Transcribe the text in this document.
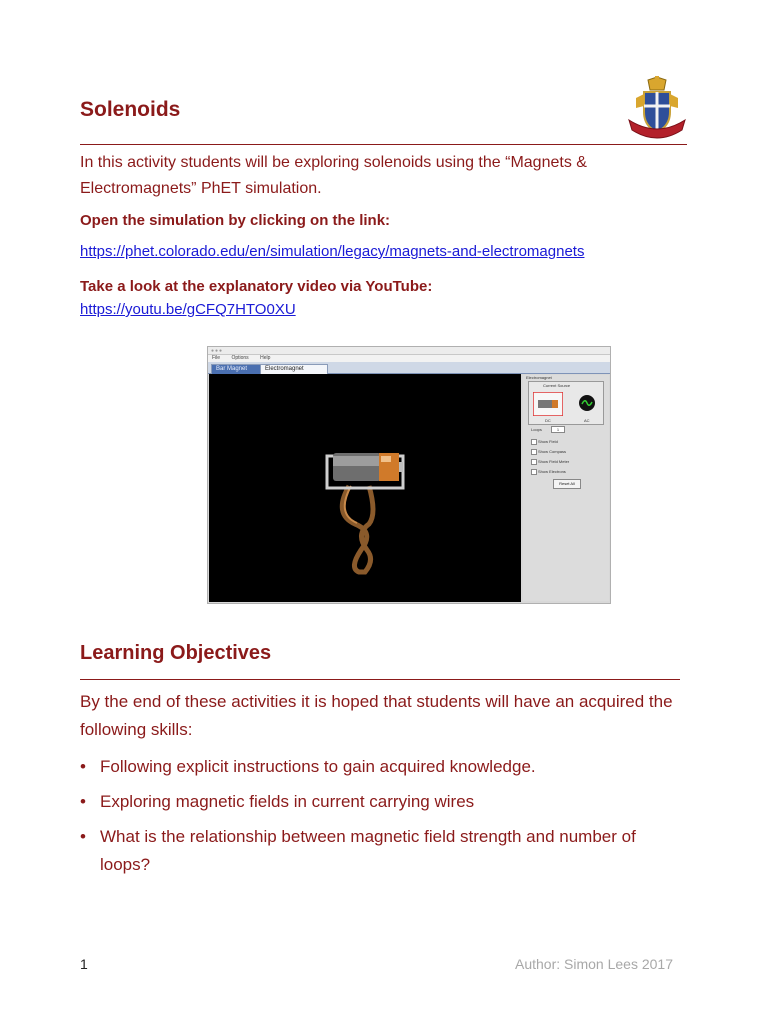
Solenoids
In this activity students will be exploring solenoids using the “Magnets & Electromagnets” PhET simulation.
Open the simulation by clicking on the link:
https://phet.colorado.edu/en/simulation/legacy/magnets-and-electromagnets
Take a look at the explanatory video via YouTube:
https://youtu.be/gCFQ7HTO0XU
●●●
File Options Help
Bar Magnet	Electromagnet
Electromagnet
Current Source
DC	AC
Loops	1
Show Field
Show Compass
Show Field Meter
Show Electrons
Reset All
Learning Objectives
By the end of these activities it is hoped that students will have an acquired the following skills:
• Following explicit instructions to gain acquired knowledge.
• Exploring magnetic fields in current carrying wires
• What is the relationship between magnetic field strength and number of loops?
1	Author: Simon Lees 2017
